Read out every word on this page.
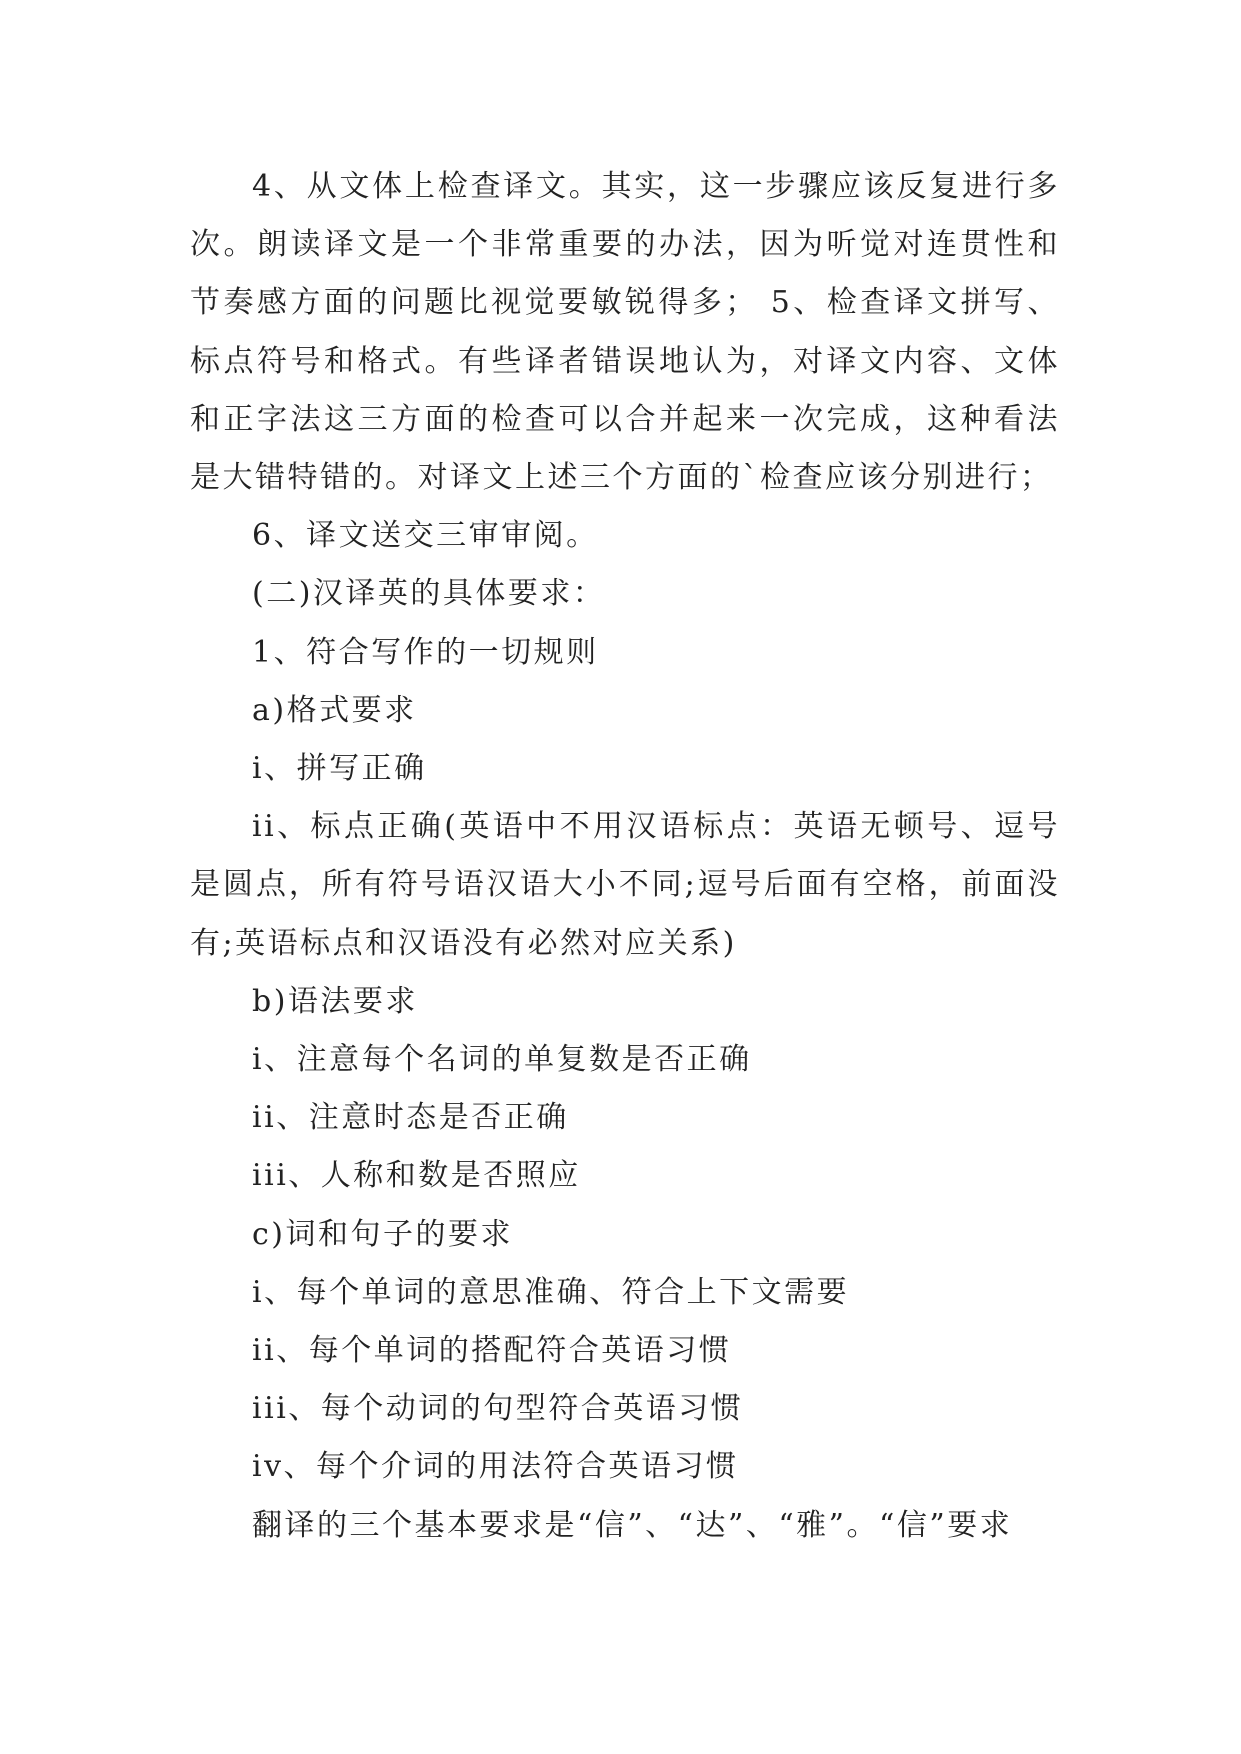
4、从文体上检查译文。其实，这一步骤应该反复进行多次。朗读译文是一个非常重要的办法，因为听觉对连贯性和节奏感方面的问题比视觉要敏锐得多； 5、检查译文拼写、标点符号和格式。有些译者错误地认为，对译文内容、文体和正字法这三方面的检查可以合并起来一次完成，这种看法是大错特错的。对译文上述三个方面的`检查应该分别进行；

6、译文送交三审审阅。

(二)汉译英的具体要求：

1、符合写作的一切规则

a)格式要求

i、拼写正确

ii、标点正确(英语中不用汉语标点：英语无顿号、逗号是圆点，所有符号语汉语大小不同;逗号后面有空格，前面没有;英语标点和汉语没有必然对应关系)

b)语法要求

i、注意每个名词的单复数是否正确

ii、注意时态是否正确

iii、人称和数是否照应

c)词和句子的要求

i、每个单词的意思准确、符合上下文需要

ii、每个单词的搭配符合英语习惯

iii、每个动词的句型符合英语习惯

iv、每个介词的用法符合英语习惯

翻译的三个基本要求是“信”、“达”、“雅”。“信”要求
